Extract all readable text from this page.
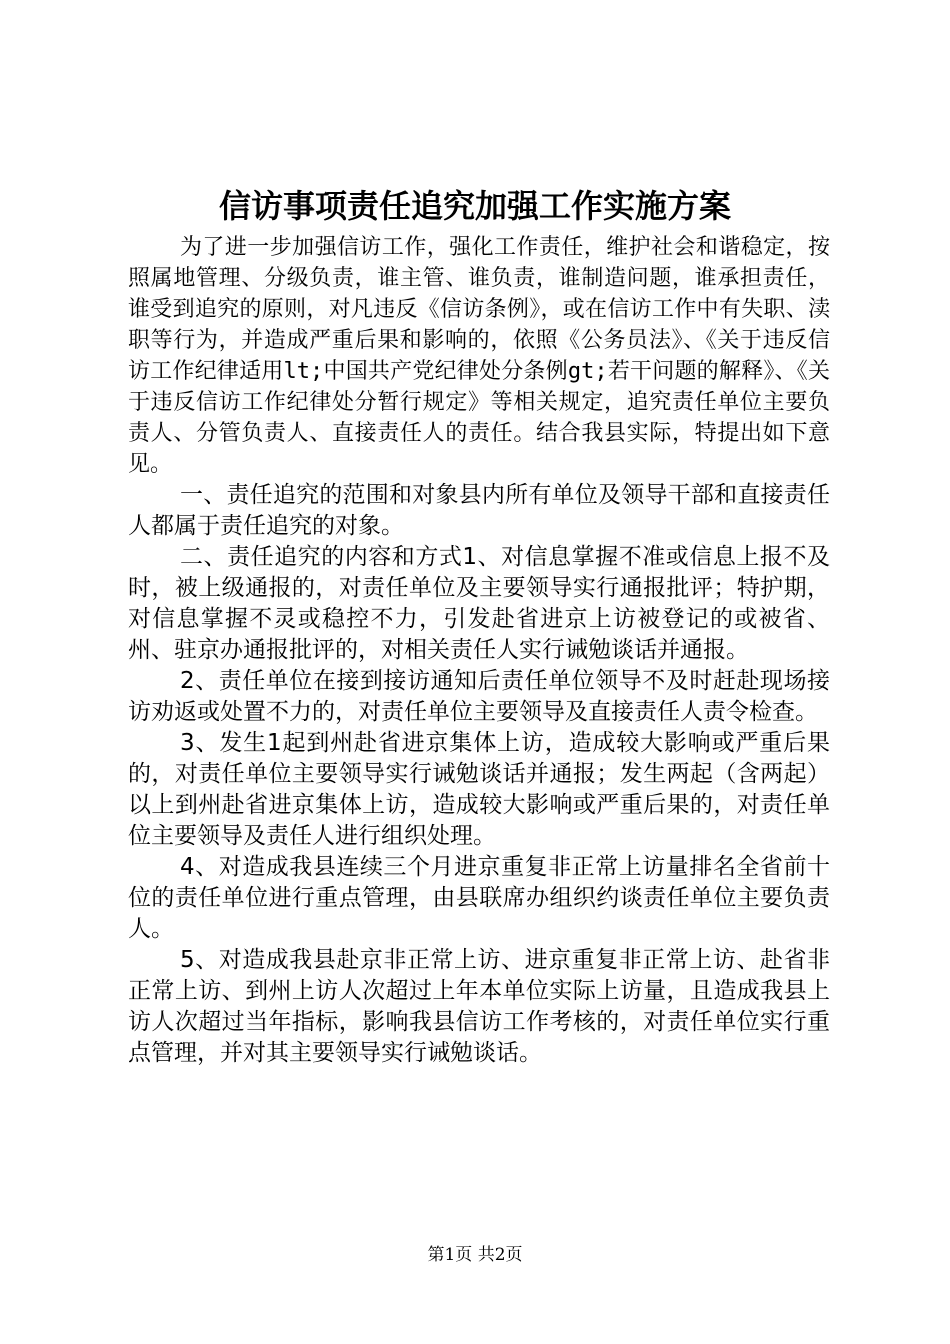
信访事项责任追究加强工作实施方案

为了进一步加强信访工作，强化工作责任，维护社会和谐稳定，按照属地管理、分级负责，谁主管、谁负责，谁制造问题，谁承担责任，谁受到追究的原则，对凡违反《信访条例》，或在信访工作中有失职、渎职等行为，并造成严重后果和影响的，依照《公务员法》、《关于违反信访工作纪律适用lt;中国共产党纪律处分条例gt;若干问题的解释》、《关于违反信访工作纪律处分暂行规定》等相关规定，追究责任单位主要负责人、分管负责人、直接责任人的责任。结合我县实际，特提出如下意见。

一、责任追究的范围和对象县内所有单位及领导干部和直接责任人都属于责任追究的对象。

二、责任追究的内容和方式1、对信息掌握不准或信息上报不及时，被上级通报的，对责任单位及主要领导实行通报批评；特护期，对信息掌握不灵或稳控不力，引发赴省进京上访被登记的或被省、州、驻京办通报批评的，对相关责任人实行诫勉谈话并通报。

2、责任单位在接到接访通知后责任单位领导不及时赶赴现场接访劝返或处置不力的，对责任单位主要领导及直接责任人责令检查。

3、发生1起到州赴省进京集体上访，造成较大影响或严重后果的，对责任单位主要领导实行诫勉谈话并通报；发生两起（含两起）以上到州赴省进京集体上访，造成较大影响或严重后果的，对责任单位主要领导及责任人进行组织处理。

4、对造成我县连续三个月进京重复非正常上访量排名全省前十位的责任单位进行重点管理，由县联席办组织约谈责任单位主要负责人。

5、对造成我县赴京非正常上访、进京重复非正常上访、赴省非正常上访、到州上访人次超过上年本单位实际上访量，且造成我县上访人次超过当年指标，影响我县信访工作考核的，对责任单位实行重点管理，并对其主要领导实行诫勉谈话。

第1页 共2页
